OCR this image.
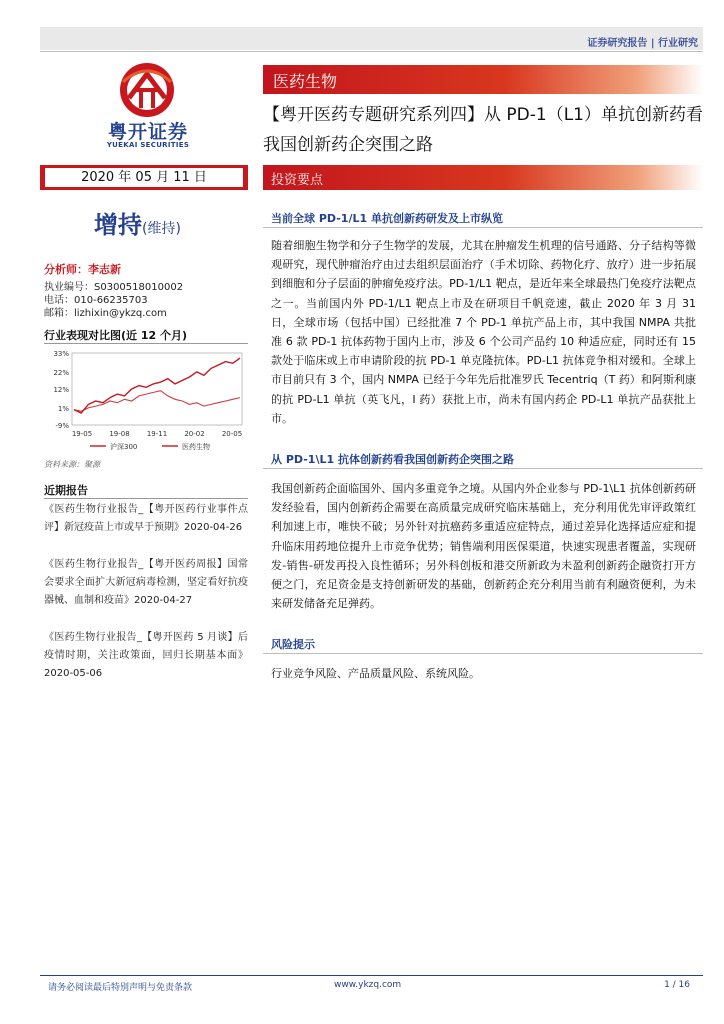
证券研究报告 | 行业研究
粤开证券
YUEKAI SECURITIES
医药生物
【粤开医药专题研究系列四】从 PD-1（L1）单抗创新药看我国创新药企突围之路
2020 年 05 月 11 日	投资要点
增持(维持)
分析师：李志新
执业编号：S0300518010002
电话：010-66235703
邮箱：lizhixin@ykzq.com
行业表现对比图(近 12 个月)
33%
22%
12%
1%
-9%
19-05 19-08 19-11 20-02 20-05
沪深300	医药生物
资料来源：聚源
近期报告
《医药生物行业报告_【粤开医药行业事件点评】新冠疫苗上市或早于预期》2020-04-26
《医药生物行业报告_【粤开医药周报】国常会要求全面扩大新冠病毒检测，坚定看好抗疫器械、血制和疫苗》2020-04-27
《医药生物行业报告_【粤开医药 5 月谈】后疫情时期，关注政策面，回归长期基本面》2020-05-06
当前全球 PD-1/L1 单抗创新药研发及上市纵览
随着细胞生物学和分子生物学的发展，尤其在肿瘤发生机理的信号通路、分子结构等微观研究，现代肿瘤治疗由过去组织层面治疗（手术切除、药物化疗、放疗）进一步拓展到细胞和分子层面的肿瘤免疫疗法。PD-1/L1 靶点，是近年来全球最热门免疫疗法靶点之一。当前国内外 PD-1/L1 靶点上市及在研项目千帆竞速，截止 2020 年 3 月 31 日，全球市场（包括中国）已经批准 7 个 PD-1 单抗产品上市，其中我国 NMPA 共批准 6 款 PD-1 抗体药物于国内上市，涉及 6 个公司产品约 10 种适应症，同时还有 15 款处于临床或上市申请阶段的抗 PD-1 单克隆抗体。PD-L1 抗体竞争相对缓和。全球上市目前只有 3 个，国内 NMPA 已经于今年先后批准罗氏 Tecentriq（T 药）和阿斯利康的抗 PD-L1 单抗（英飞凡，I 药）获批上市，尚未有国内药企 PD-L1 单抗产品获批上市。
从 PD-1\L1 抗体创新药看我国创新药企突围之路
我国创新药企面临国外、国内多重竞争之境。从国内外企业参与 PD-1\L1 抗体创新药研发经验看，国内创新药企需要在高质量完成研究临床基础上，充分利用优先审评政策红利加速上市，唯快不破；另外针对抗癌药多重适应症特点，通过差异化选择适应症和提升临床用药地位提升上市竞争优势；销售端利用医保渠道，快速实现患者覆盖，实现研发-销售-研发再投入良性循环；另外科创板和港交所新政为未盈利创新药企融资打开方便之门，充足资金是支持创新研发的基础，创新药企充分利用当前有利融资便利，为未来研发储备充足弹药。
风险提示
行业竞争风险、产品质量风险、系统风险。
请务必阅读最后特别声明与免责条款	www.ykzq.com	1 / 16
